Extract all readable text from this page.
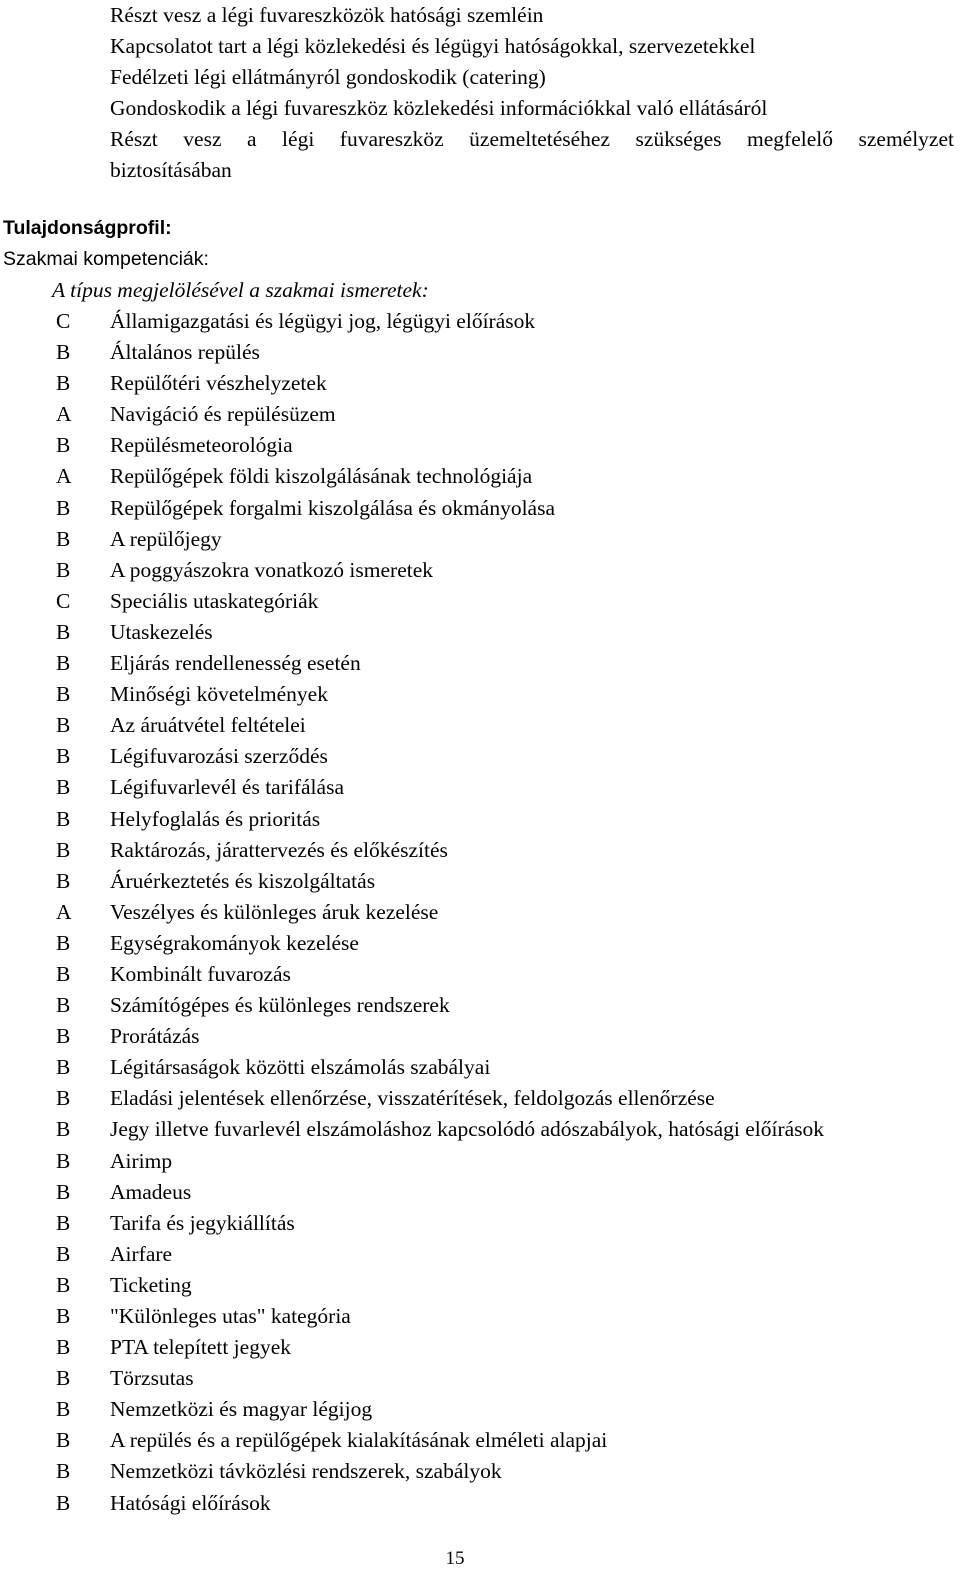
Részt vesz a légi fuvareszközök hatósági szemléin
Kapcsolatot tart a légi közlekedési és légügyi hatóságokkal, szervezetekkel
Fedélzeti légi ellátmányról gondoskodik (catering)
Gondoskodik a légi fuvareszköz közlekedési információkkal való ellátásáról
Részt vesz a légi fuvareszköz üzemeltetéséhez szükséges megfelelő személyzet
biztosításában
Tulajdonságprofil:
Szakmai kompetenciák:
A típus megjelölésével a szakmai ismeretek:
C	Államigazgatási és légügyi jog, légügyi előírások
B	Általános repülés
B	Repülőtéri vészhelyzetek
A	Navigáció és repülésüzem
B	Repülésmeteorológia
A	Repülőgépek földi kiszolgálásának technológiája
B	Repülőgépek forgalmi kiszolgálása és okmányolása
B	A repülőjegy
B	A poggyászokra vonatkozó ismeretek
C	Speciális utaskategóriák
B	Utaskezelés
B	Eljárás rendellenesség esetén
B	Minőségi követelmények
B	Az áruátvétel feltételei
B	Légifuvarozási szerződés
B	Légifuvarlevél és tarifálása
B	Helyfoglalás és prioritás
B	Raktározás, járattervezés és előkészítés
B	Áruérkeztetés és kiszolgáltatás
A	Veszélyes és különleges áruk kezelése
B	Egységrakományok kezelése
B	Kombinált fuvarozás
B	Számítógépes és különleges rendszerek
B	Prorátázás
B	Légitársaságok közötti elszámolás szabályai
B	Eladási jelentések ellenőrzése, visszatérítések, feldolgozás ellenőrzése
B	Jegy illetve fuvarlevél elszámoláshoz kapcsolódó adószabályok, hatósági előírások
B	Airimp
B	Amadeus
B	Tarifa és jegykiállítás
B	Airfare
B	Ticketing
B	"Különleges utas" kategória
B	PTA telepített jegyek
B	Törzsutas
B	Nemzetközi és magyar légijog
B	A repülés és a repülőgépek kialakításának elméleti alapjai
B	Nemzetközi távközlési rendszerek, szabályok
B	Hatósági előírások
15
